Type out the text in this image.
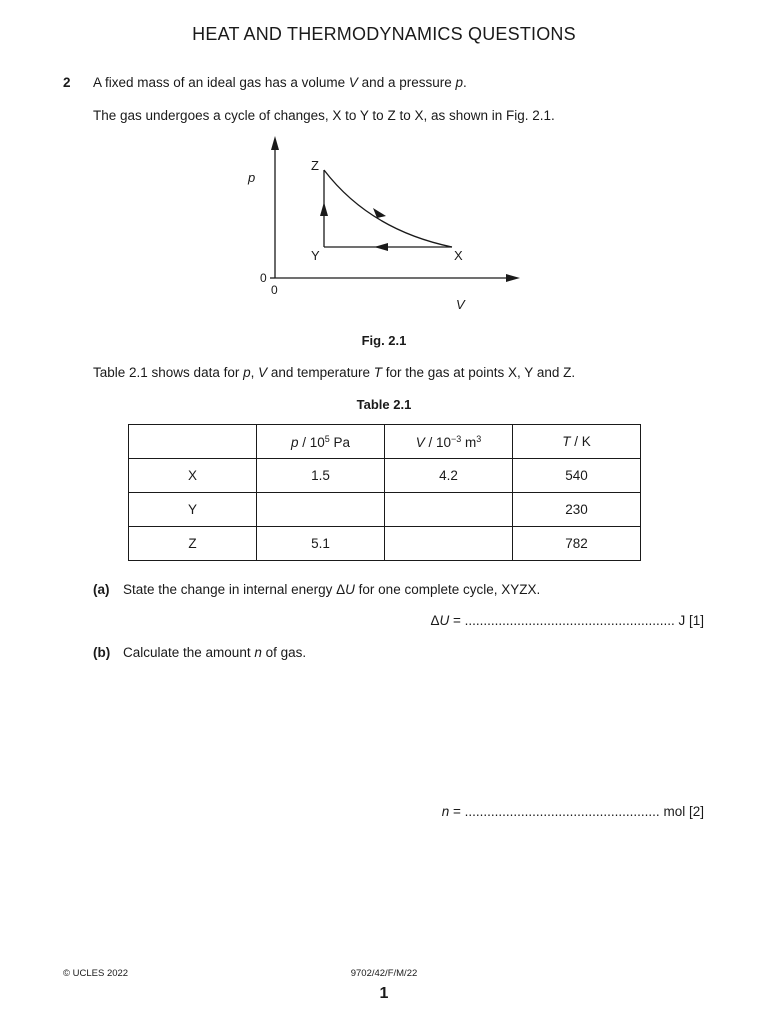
HEAT AND THERMODYNAMICS QUESTIONS
2 A fixed mass of an ideal gas has a volume V and a pressure p.
The gas undergoes a cycle of changes, X to Y to Z to X, as shown in Fig. 2.1.
p
V
0
0
Z
Y	X
Fig. 2.1
Table 2.1 shows data for p, V and temperature T for the gas at points X, Y and Z.
Table 2.1
	p / $10^5$ Pa	V / $10^{-3}$ $m^3$	T / K
X	1.5	4.2	540
Y			230
Z	5.1		782
(a) State the change in internal energy ΔU for one complete cycle, XYZX.
ΔU = ........................................................ J [1]
(b) Calculate the amount n of gas.
n = .................................................... mol [2]
© UCLES 2022	9702/42/F/M/22
1
